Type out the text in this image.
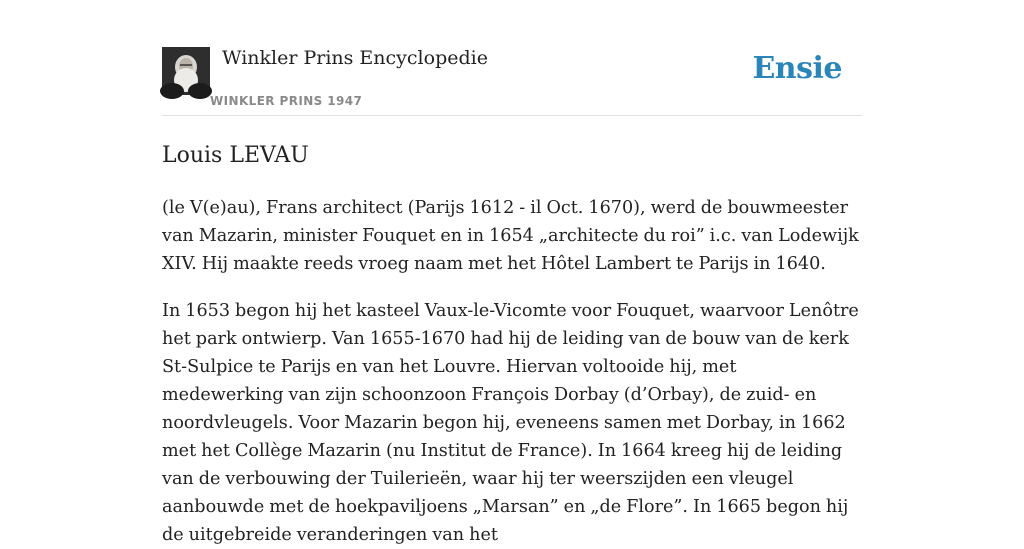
Winkler Prins Encyclopedie
WINKLER PRINS 1947
Ensie
Louis LEVAU

(le V(e)au), Frans architect (Parijs 1612 - il Oct. 1670), werd de bouwmeester van Mazarin, minister Fouquet en in 1654 „architecte du roi” i.c. van Lodewijk XIV. Hij maakte reeds vroeg naam met het Hôtel Lambert te Parijs in 1640.

In 1653 begon hij het kasteel Vaux-le-Vicomte voor Fouquet, waarvoor Lenôtre het park ontwierp. Van 1655-1670 had hij de leiding van de bouw van de kerk St-Sulpice te Parijs en van het Louvre. Hiervan voltooide hij, met medewerking van zijn schoonzoon François Dorbay (d’Orbay), de zuid- en noordvleugels. Voor Mazarin begon hij, eveneens samen met Dorbay, in 1662 met het Collège Mazarin (nu Institut de France). In 1664 kreeg hij de leiding van de verbouwing der Tuilerieën, waar hij ter weerszijden een vleugel aanbouwde met de hoekpaviljoens „Marsan” en „de Flore”. In 1665 begon hij de uitgebreide veranderingen van het
